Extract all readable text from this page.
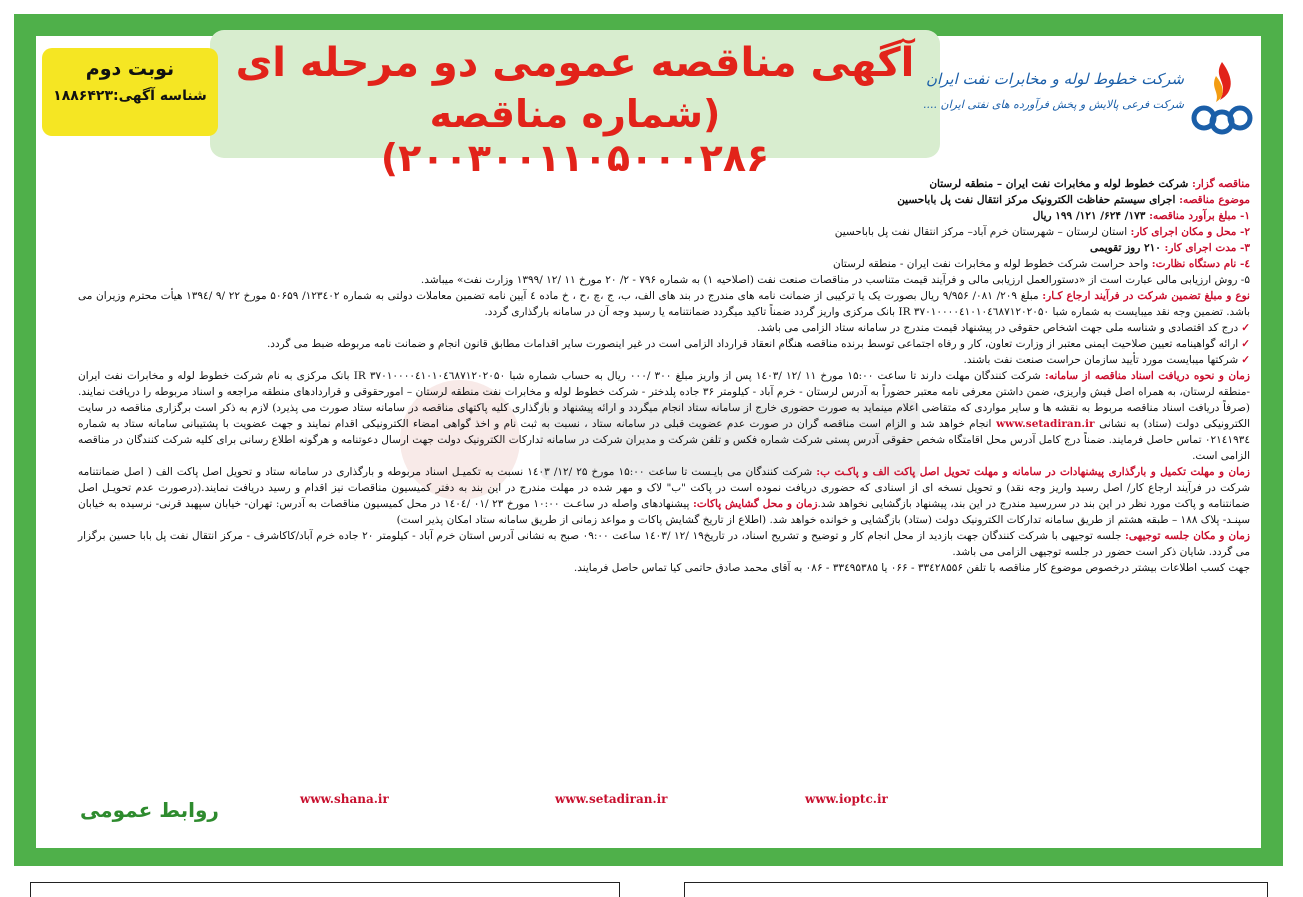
آگهی مناقصه عمومی دو مرحله ای
(شماره مناقصه ۲۰۰۳۰۰۱۱۰۵۰۰۰۲۸۶)
نوبت دوم
شناسه آگهی:۱۸۸۶۴۲۳
شرکت خطوط لوله و مخابرات نفت ایران
شرکت فرعی پالایش و پخش فرآورده های نفتی ایران ....

مناقصه گزار: شرکت خطوط لوله و مخابرات نفت ایران – منطقه لرستان

موضوع مناقصه: اجرای سیستم حفاظت الکترونیک مرکز انتقال نفت پل باباحسین

۱- مبلغ برآورد مناقصه: ۱۷۳/ ۶۲۴/ ۱۲۱/ ۱۹۹ ریال

۲- محل و مکان اجرای کار: استان لرستان – شهرستان خرم آباد– مرکز انتقال نفت پل باباحسین

۳- مدت اجرای کار: ۲۱۰ روز تقویمی

٤- نام دستگاه نظارت: واحد حراست شرکت خطوط لوله و مخابرات نفت ایران - منطقه لرستان

۵- روش ارزیابی مالی عبارت است از «دستورالعمل ارزیابی مالی و فرآیند قیمت متناسب در مناقصات صنعت نفت (اصلاحیه ۱) به شماره ۷۹۶ - ۲/ ۲۰ مورخ ۱۱ /۱۲ /۱۳۹۹ وزارت نفت» میباشد.

نوع و مبلغ تضمین شرکت در فرآیند ارجاع کـار: مبلغ ۲۰۹/ ۰۸۱/ ۹/۹۵۶ ریال بصورت یک یا ترکیبی از ضمانت نامه های مندرج در بند های الف، ب، ج ،چ ،ح ، خ ماده ٤ آیین نامه تضمین معاملات دولتی به شماره ۱۲۳٤۰۲/ ۵۰۶۵۹ مورخ ۲۲ /۹ /۱۳۹٤ هیأت محترم وزیران می باشد. تضمین وجه نقد میبایست به شماره شبا IR ۳۷۰۱۰۰۰۰٤۱۰۱۰٤٦۸۷۱۲۰۲۰۵۰ بانک مرکزی واریز گردد ضمناً تاکید میگردد ضمانتنامه یا رسید وجه آن در سامانه بارگذاری گردد.

✓درج کد اقتصادی و شناسه ملی جهت اشخاص حقوقی در پیشنهاد قیمت مندرج در سامانه ستاد الزامی می باشد.

✓ارائه گواهینامه تعیین صلاحیت ایمنی معتبر از وزارت تعاون، کار و رفاه اجتماعی توسط برنده مناقصه هنگام انعقاد قرارداد الزامی است در غیر اینصورت سایر اقدامات مطابق قانون انجام و ضمانت نامه مربوطه ضبط می گردد.

✓شرکتها میبایست مورد تأیید سازمان حراست صنعت نفت باشند.

زمان و نحوه دریافت اسناد مناقصه از سامانه: شرکت کنندگان مهلت دارند تا ساعت ۱۵:۰۰ مورخ ۱۱ /۱۲ /۱٤۰۳ پس از واریز مبلغ ۳۰۰ /۰۰۰ ریال به حساب شماره شبا IR ۳۷۰۱۰۰۰۰٤۱۰۱۰٤٦۸۷۱۲۰۲۰۵۰ بانک مرکزی به نام شرکت خطوط لوله و مخابرات نفت ایران -منطقه لرستان، به همراه اصل فیش واریزی، ضمن داشتن معرفی نامه معتبر حضوراً به آدرس لرستان - خرم آباد - کیلومتر ۳۶ جاده پلدختر - شرکت خطوط لوله و مخابرات نفت منطقه لرستان – امورحقوقی و قراردادهای منطقه مراجعه و اسناد مربوطه را دریافت نمایند. (صرفاً دریافت اسناد مناقصه مربوط به نقشه ها و سایر مواردی که متقاضی اعلام مینماید به صورت حضوری خارج از سامانه ستاد انجام میگردد و ارائه پیشنهاد و بارگذاری کلیه پاکتهای مناقصه در سامانه ستاد صورت می پذیرد) لازم به ذکر است برگزاری مناقصه در سایت الکترونیکی دولت (ستاد) به نشانی www.setadiran.ir انجام خواهد شد و الزام است مناقصه گران در صورت عدم عضویت قبلی در سامانه ستاد ، نسبت به ثبت نام و اخذ گواهی امضاء الکترونیکی اقدام نمایند و جهت عضویت با پشتیبانی سامانه ستاد به شماره ۰۲۱٤۱۹۳٤ تماس حاصل فرمایند. ضمناً درج کامل آدرس محل اقامتگاه شخص حقوقی آدرس پستی شرکت شماره فکس و تلفن شرکت و مدیران شرکت در سامانه تدارکات الکترونیک دولت جهت ارسال دعوتنامه و هرگونه اطلاع رسانی برای کلیه شرکت کنندگان در مناقصه الزامی است.

زمان و مهلت تکمیل و بارگذاری پیشنهادات در سامانه و مهلت تحویل اصل پاکت الف و پاکـت ب: شرکت کنندگان می بایـست تا ساعت ۱۵:۰۰ مورخ ۲۵ /۱۲/ ۱٤۰۳ نسبت به تکمیـل اسناد مربوطه و بارگذاری در سامانه ستاد و تحویل اصل پاکت الف ( اصل ضمانتنامه شرکت در فرآیند ارجاع کار/ اصل رسید واریز وجه نقد) و تحویل نسخه ای از اسنادی که حضوری دریافت نموده است در پاکت "ب" لاک و مهر شده در مهلت مندرج در این بند به دفتر کمیسیون مناقصات نیز اقدام و رسید دریافت نمایند.(درصورت عدم تحویـل اصل ضمانتنامه و پاکت مورد نظر در این بند در سررسید مندرج در این بند، پیشنهاد بازگشایی نخواهد شد.زمان و محل گشایش پاکات: پیشنهادهای واصله در ساعـت ۱۰:۰۰ مورخ ۲۳ /۰۱ /۱٤۰٤ در محل کمیسیون مناقصات به آدرس: تهران- خیابان سپهبد قرنی- نرسیده به خیابان سپنـد- پلاک ۱۸۸ – طبقه هشتم از طریق سامانه تدارکات الکترونیک دولت (ستاد) بازگشایی و خوانده خواهد شد. (اطلاع از تاریخ گشایش پاکات و مواعد زمانی از طریق سامانه ستاد امکان پذیر است)

زمان و مکان جلسه توجیهی: جلسه توجیهی با شرکت کنندگان جهت بازدید از محل انجام کار و توضیح و تشریح اسناد، در تاریخ۱۹ /۱۲ /۱٤۰۳ ساعت ۰۹:۰۰ صبح به نشانی آدرس استان خرم آباد - کیلومتر ۲۰ جاده خرم آباد/کاکاشرف - مرکز انتقال نفت پل بابا حسین برگزار می گردد. شایان ذکر است حضور در جلسه توجیهی الزامی می باشد.

جهت کسب اطلاعات بیشتر درخصوص موضوع کار مناقصه با تلفن ۳۳٤۲۸۵۵۶ - ۰۶۶ یا ۳۳٤۹۵۳۸۵ - ۰۸۶ به آقای محمد صادق حاتمی کیا تماس حاصل فرمایند.

www.shana.ir	www.setadiran.ir	www.ioptc.ir
روابط عمومی
